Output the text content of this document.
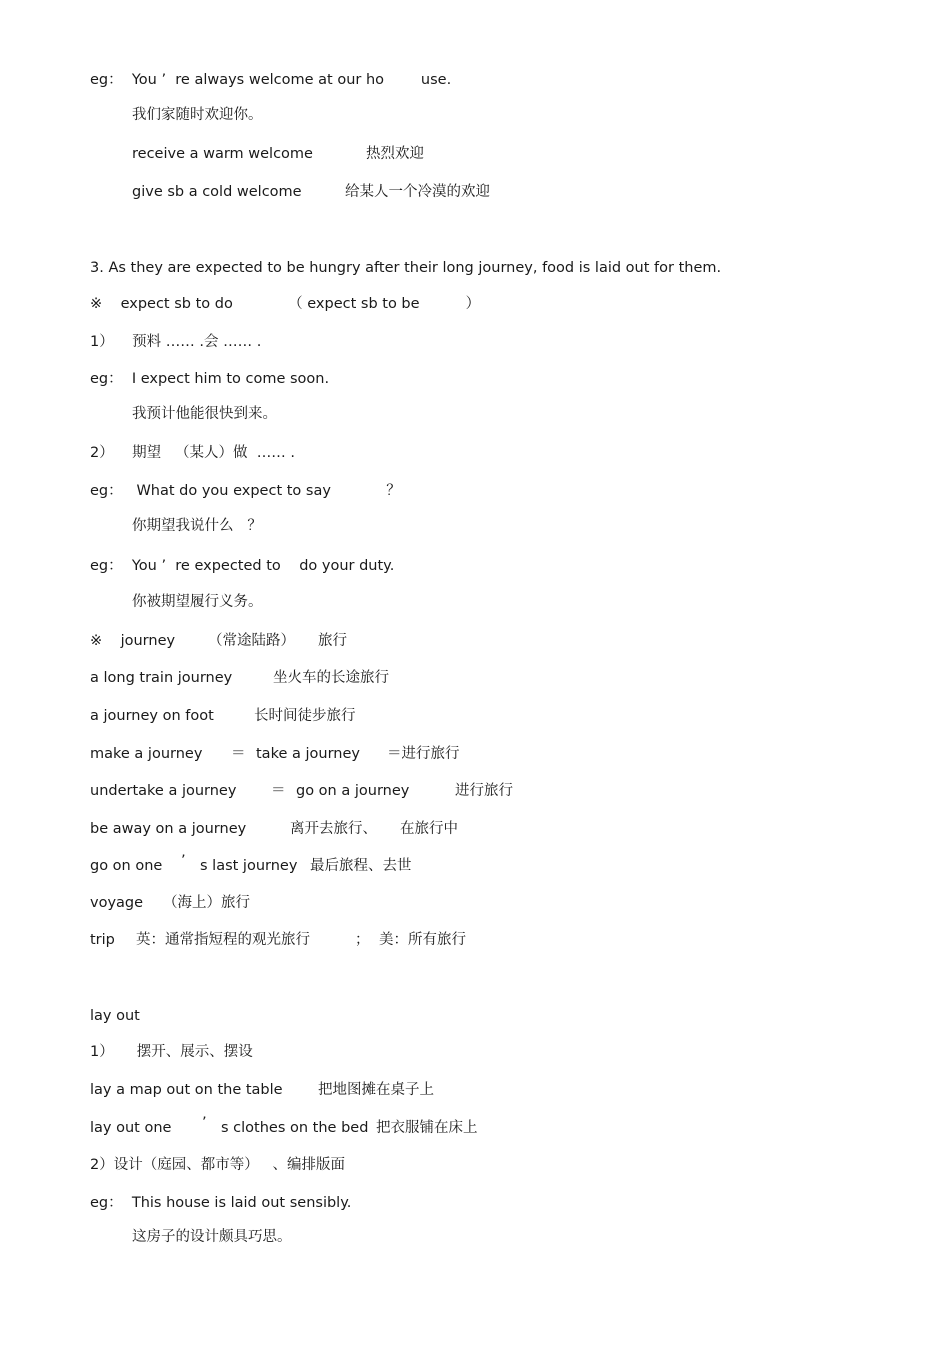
eg：  You ’  re always welcome at our ho        use.
我们家随时欢迎你。
receive a warm welcome	热烈欢迎
give sb a cold welcome	给某人一个冷漠的欢迎
3. As they are expected to be hungry after their long journey, food is laid out for them.
※    expect sb to do            （ expect sb to be          ）
1）    预料 …… .会 …… .
eg：  I expect him to come soon.
我预计他能很快到来。
2）    期望   （某人）做  …… .
eg：   What do you expect to say            ？
你期望我说什么   ？
eg：  You ’  re expected to    do your duty.
你被期望履行义务。
※    journey （常途陆路）     旅行
a long train journey	坐火车的长途旅行
a journey on foot	长时间徒步旅行
make a journey ＝ take a journey ＝进行旅行
undertake a journey ＝ go on a journey	进行旅行
be away on a journey	离开去旅行、 在旅行中
go on one ’ s last journey 最后旅程、去世
voyage （海上）旅行
trip 英：通常指短程的观光旅行	； 美：所有旅行
lay out
1）     摆开、展示、摆设
lay a map out on the table 把地图摊在桌子上
lay out one ’ s clothes on the bed 把衣服铺在床上
2）设计（庭园、都市等）   、编排版面
eg：  This house is laid out sensibly.
这房子的设计颇具巧思。
